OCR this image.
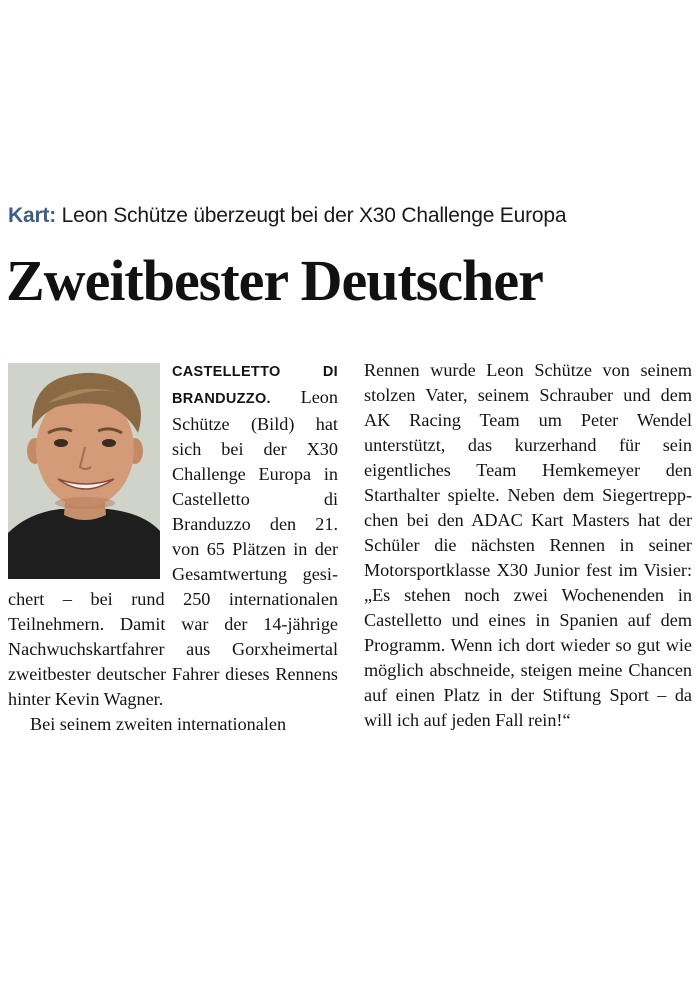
Kart: Leon Schütze überzeugt bei der X30 Challenge Europa
Zweitbester Deutscher

CASTELLETTO DI BRANDUZZO. Leon Schütze (Bild) hat sich bei der X30 Challenge Europa in Castelletto di Branduzzo den 21. von 65 Plätzen in der Gesamtwertung gesichert – bei rund 250 internationalen Teilnehmern. Damit war der 14-jährige Nachwuchskartfahrer aus Gorxheimertal zweitbester deutscher Fahrer dieses Rennens hinter Kevin Wagner.

Bei seinem zweiten internationalen

Rennen wurde Leon Schütze von seinem stolzen Vater, seinem Schrauber und dem AK Racing Team um Peter Wendel unterstützt, das kurzerhand für sein eigentliches Team Hemkemeyer den Starthalter spielte. Neben dem Siegertreppchen bei den ADAC Kart Masters hat der Schüler die nächsten Rennen in seiner Motorsportklasse X30 Junior fest im Visier: „Es stehen noch zwei Wochenenden in Castelletto und eines in Spanien auf dem Programm. Wenn ich dort wieder so gut wie möglich abschneide, steigen meine Chancen auf einen Platz in der Stiftung Sport – da will ich auf jeden Fall rein!“
